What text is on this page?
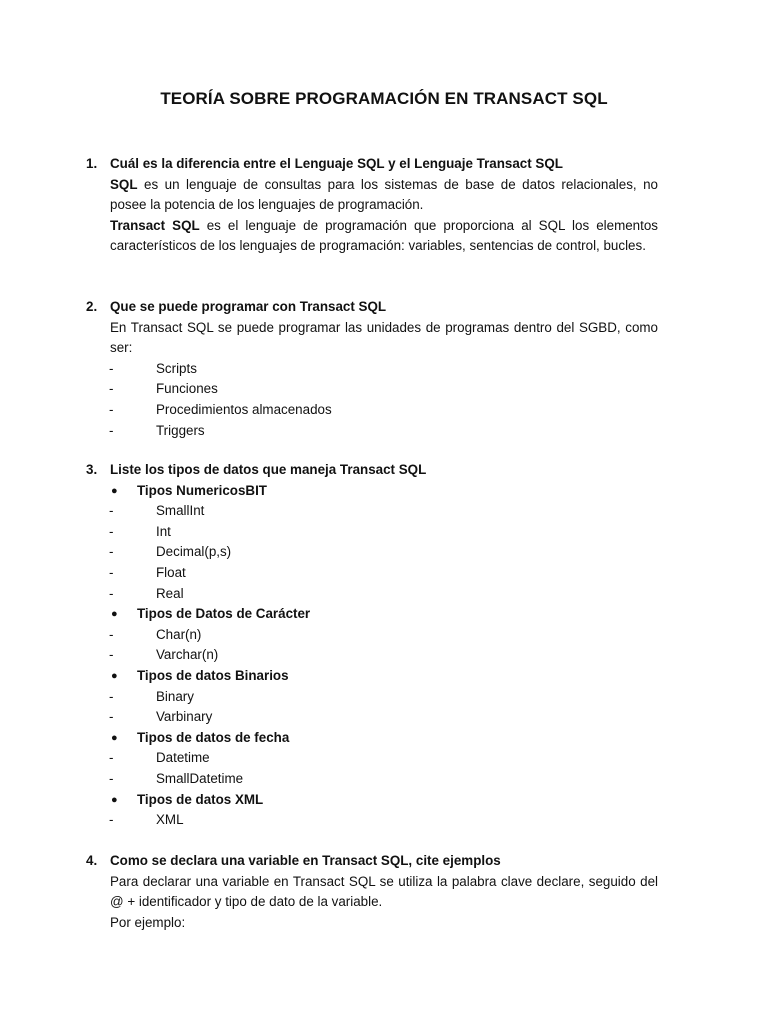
TEORÍA SOBRE PROGRAMACIÓN EN TRANSACT SQL
1. Cuál es la diferencia entre el Lenguaje SQL y el Lenguaje Transact SQL
SQL es un lenguaje de consultas para los sistemas de base de datos relacionales, no posee la potencia de los lenguajes de programación.
Transact SQL es el lenguaje de programación que proporciona al SQL los elementos característicos de los lenguajes de programación: variables, sentencias de control, bucles.
2. Que se puede programar con Transact SQL
En Transact SQL se puede programar las unidades de programas dentro del SGBD, como ser:
-	Scripts
-	Funciones
-	Procedimientos almacenados
-	Triggers
3. Liste los tipos de datos que maneja Transact SQL
●	Tipos NumericosBIT
-	SmallInt
-	Int
-	Decimal(p,s)
-	Float
-	Real
●	Tipos de Datos de Carácter
-	Char(n)
-	Varchar(n)
●	Tipos de datos Binarios
-	Binary
-	Varbinary
●	Tipos de datos de fecha
-	Datetime
-	SmallDatetime
●	Tipos de datos XML
-	XML
4. Como se declara una variable en Transact SQL, cite ejemplos
Para declarar una variable en Transact SQL se utiliza la palabra clave declare, seguido del @ + identificador y tipo de dato de la variable.
Por ejemplo:
